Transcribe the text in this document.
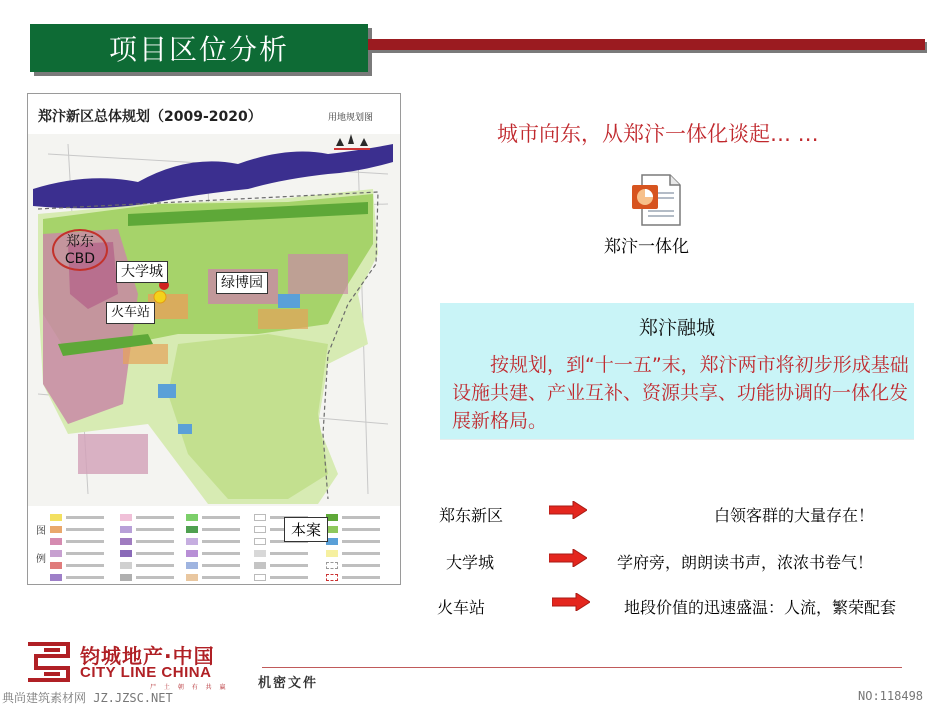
项目区位分析
郑汴新区总体规划（2009-2020）	用地规划图
郑东
CBD
大学城
绿博园
火车站
图
例
本案
城市向东，从郑汴一体化谈起… …
郑汴一体化
郑汴融城
按规划，到“十一五”末，郑汴两市将初步形成基础设施共建、产业互补、资源共享、功能协调的一体化发展新格局。
郑东新区	白领客群的大量存在！
大学城	学府旁，朗朗读书声，浓浓书卷气！
火车站	地段价值的迅速盛温：人流，繁荣配套
钧城地产·中国
CITY LINE CHINA
尸 土 朝 有 共 赢 机密文件
典尚建筑素材网 JZ.JZSC.NET	NO:118498
